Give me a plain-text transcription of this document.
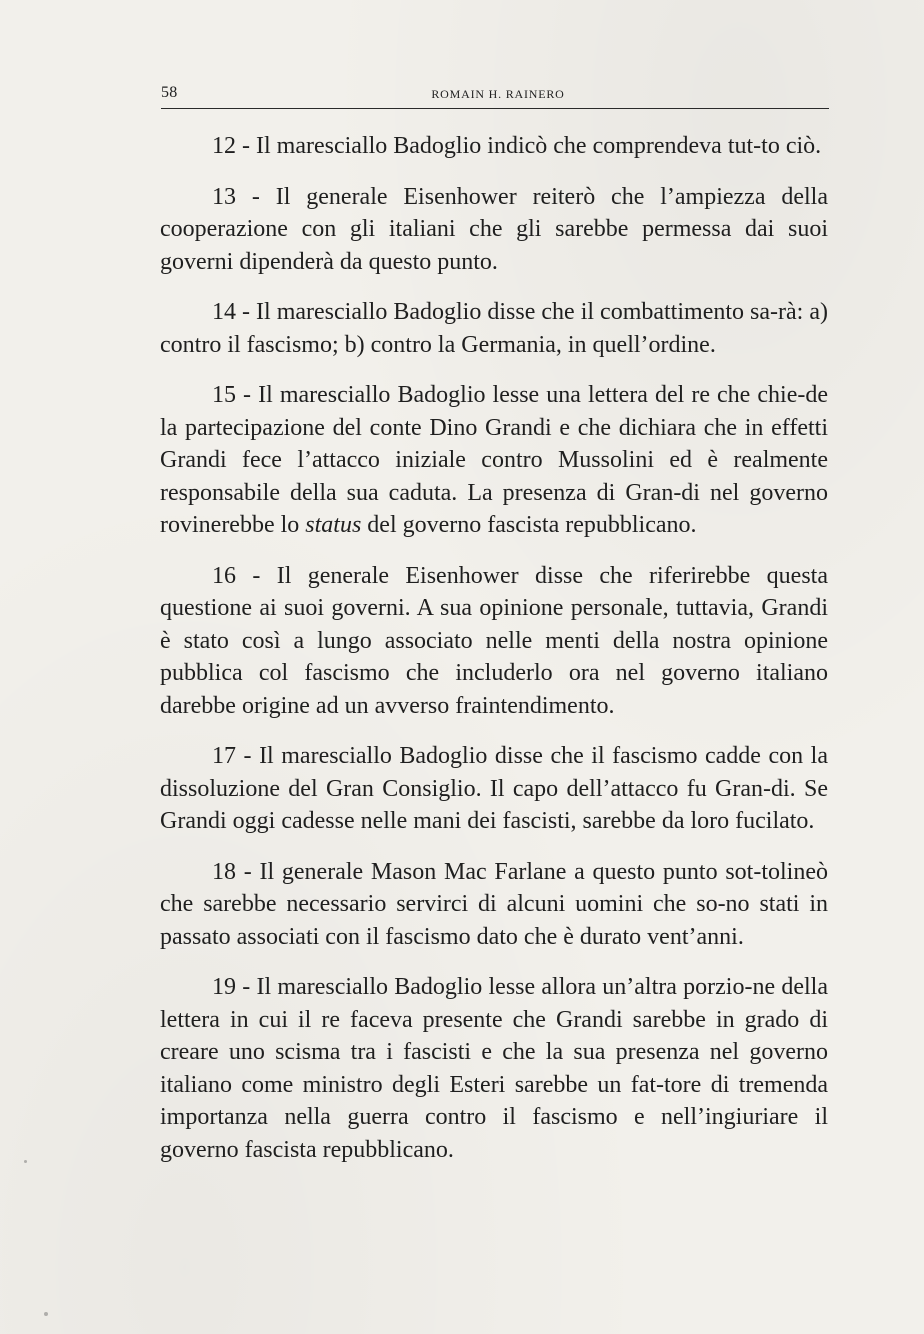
58	ROMAIN H. RAINERO

12 - Il maresciallo Badoglio indicò che comprendeva tut-to ciò.

13 - Il generale Eisenhower reiterò che l’ampiezza della cooperazione con gli italiani che gli sarebbe permessa dai suoi governi dipenderà da questo punto.

14 - Il maresciallo Badoglio disse che il combattimento sa-rà: a) contro il fascismo; b) contro la Germania, in quell’ordine.

15 - Il maresciallo Badoglio lesse una lettera del re che chie-de la partecipazione del conte Dino Grandi e che dichiara che in effetti Grandi fece l’attacco iniziale contro Mussolini ed è realmente responsabile della sua caduta. La presenza di Gran-di nel governo rovinerebbe lo status del governo fascista repubblicano.

16 - Il generale Eisenhower disse che riferirebbe questa questione ai suoi governi. A sua opinione personale, tuttavia, Grandi è stato così a lungo associato nelle menti della nostra opinione pubblica col fascismo che includerlo ora nel governo italiano darebbe origine ad un avverso fraintendimento.

17 - Il maresciallo Badoglio disse che il fascismo cadde con la dissoluzione del Gran Consiglio. Il capo dell’attacco fu Gran-di. Se Grandi oggi cadesse nelle mani dei fascisti, sarebbe da loro fucilato.

18 - Il generale Mason Mac Farlane a questo punto sot-tolineò che sarebbe necessario servirci di alcuni uomini che so-no stati in passato associati con il fascismo dato che è durato vent’anni.

19 - Il maresciallo Badoglio lesse allora un’altra porzio-ne della lettera in cui il re faceva presente che Grandi sarebbe in grado di creare uno scisma tra i fascisti e che la sua presenza nel governo italiano come ministro degli Esteri sarebbe un fat-tore di tremenda importanza nella guerra contro il fascismo e nell’ingiuriare il governo fascista repubblicano.
